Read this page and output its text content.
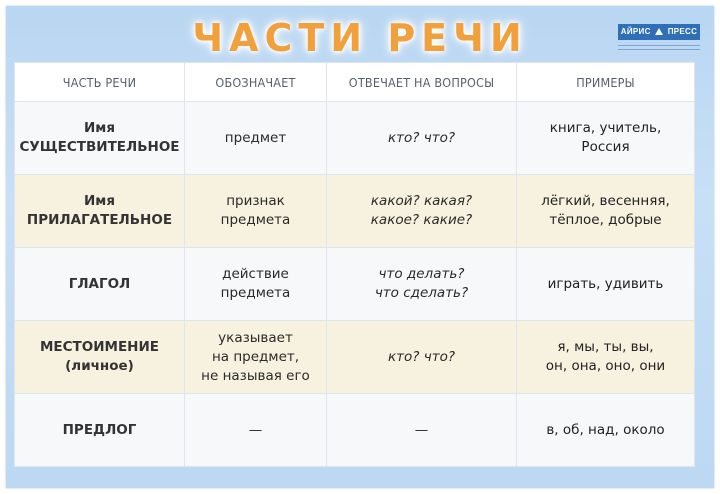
ЧАСТИ РЕЧИ	АЙРИС ПРЕСС
ЧАСТЬ РЕЧИ	ОБОЗНАЧАЕТ	ОТВЕЧАЕТ НА ВОПРОСЫ	ПРИМЕРЫ

Имя
СУЩЕСТВИТЕЛЬНОЕ	предмет	кто? что?	книга, учитель,
Россия

Имя
ПРИЛАГАТЕЛЬНОЕ	признак
предмета	какой? какая?
какое? какие?	лёгкий, весенняя,
тёплое, добрые

ГЛАГОЛ	действие
предмета	что делать?
что сделать?	играть, удивить

МЕСТОИМЕНИЕ
(личное)	указывает
на предмет,
не называя его	кто? что?	я, мы, ты, вы,
он, она, оно, они

ПРЕДЛОГ	—	—	в, об, над, около
